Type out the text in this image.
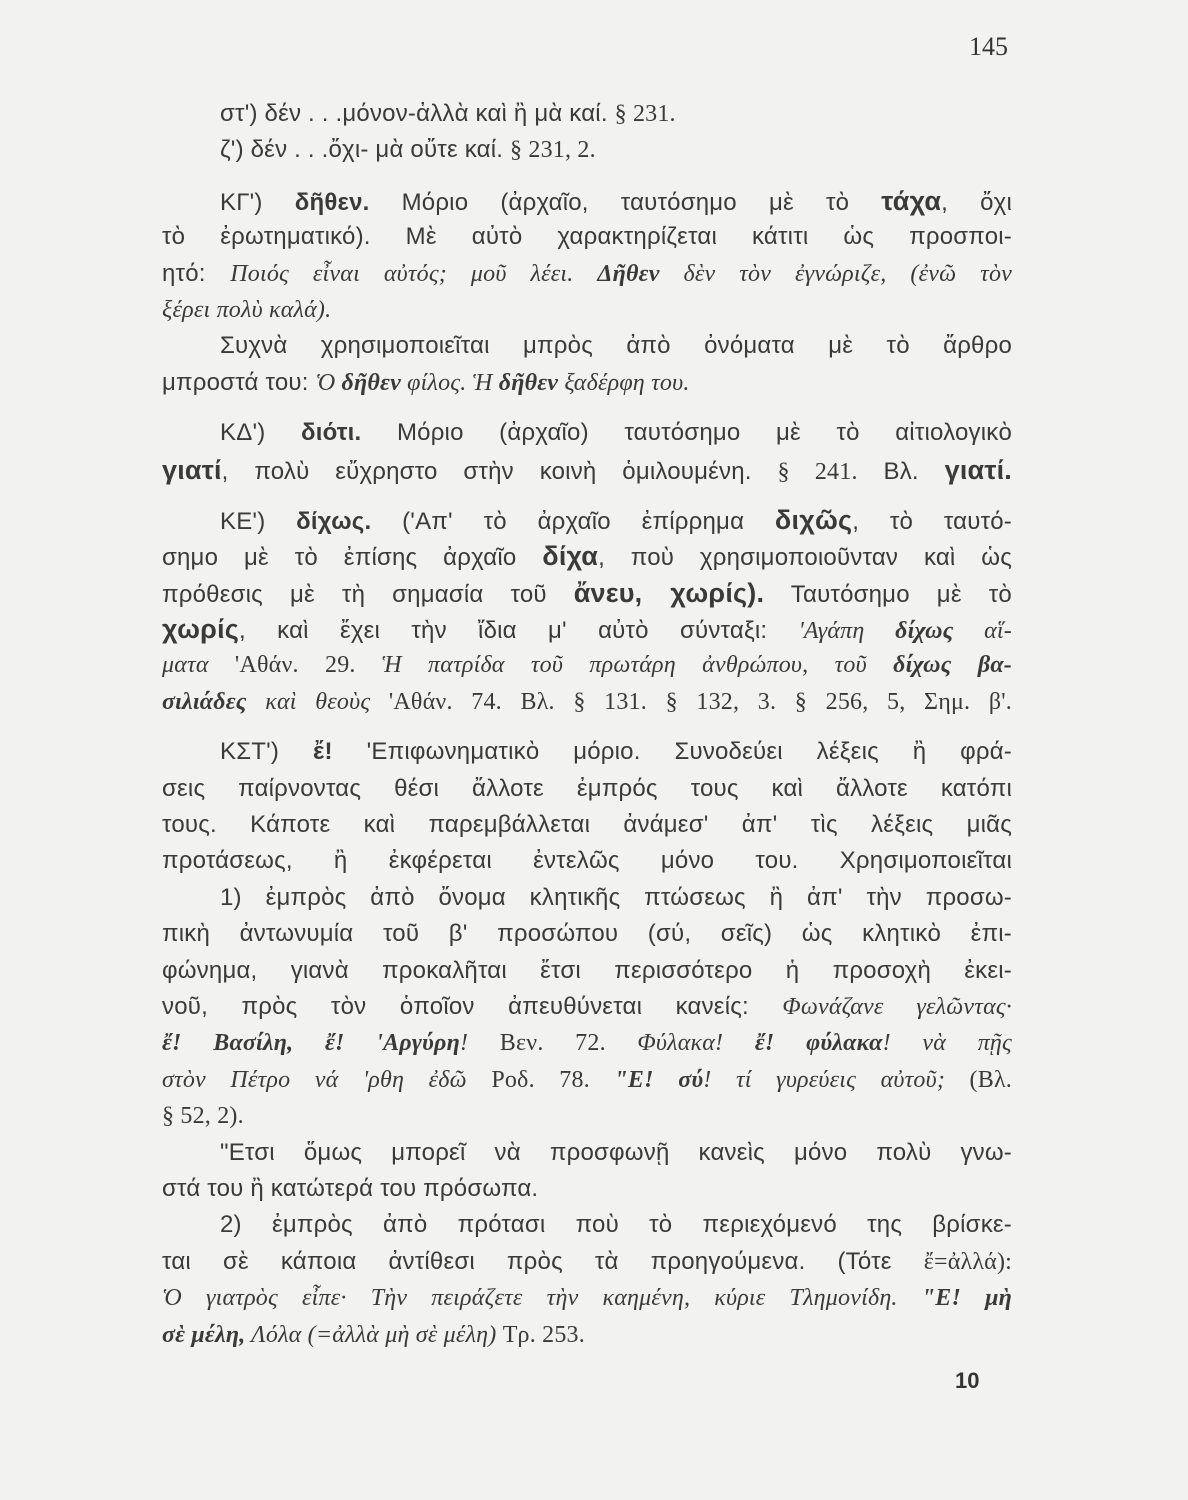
145
στ') δέν . . .μόνον-ἀλλὰ καὶ ἢ μὰ καί. § 231.
ζ') δέν . . .ὄχι- μὰ οὔτε καί. § 231, 2.
ΚΓ') δῆθεν. Μόριο (ἀρχαῖο, ταυτόσημο μὲ τὸ τάχα, ὄχι
τὸ ἐρωτηματικό). Μὲ αὐτὸ χαρακτηρίζεται κάτιτι ὡς προσποι-
ητό: Ποιός εἶναι αὐτός; μοῦ λέει. Δῆθεν δὲν τὸν ἐγνώριζε, (ἐνῶ τὸν
ξέρει πολὺ καλά).
Συχνὰ χρησιμοποιεῖται μπρὸς ἀπὸ ὀνόματα μὲ τὸ ἄρθρο
μπροστά του: Ὁ δῆθεν φίλος. Ἡ δῆθεν ξαδέρφη του.
ΚΔ') διότι. Μόριο (ἀρχαῖο) ταυτόσημο μὲ τὸ αἰτιολογικὸ
γιατί, πολὺ εὔχρηστο στὴν κοινὴ ὁμιλουμένη. § 241. Βλ. γιατί.
ΚΕ') δίχως. ('Απ' τὸ ἀρχαῖο ἐπίρρημα διχῶς, τὸ ταυτό-
σημο μὲ τὸ ἐπίσης ἀρχαῖο δίχα, ποὺ χρησιμοποιοῦνταν καὶ ὡς
πρόθεσις μὲ τὴ σημασία τοῦ ἄνευ, χωρίς). Ταυτόσημο μὲ τὸ
χωρίς, καὶ ἔχει τὴν ἴδια μ' αὐτὸ σύνταξι: 'Αγάπη δίχως αἵ-
ματα 'Αθάν. 29. Ἡ πατρίδα τοῦ πρωτάρη ἀνθρώπου, τοῦ δίχως βα-
σιλιάδες καὶ θεοὺς 'Αθάν. 74. Βλ. § 131. § 132, 3. § 256, 5, Σημ. β'.
ΚΣΤ') ἔ! 'Επιφωνηματικὸ μόριο. Συνοδεύει λέξεις ἢ φρά-
σεις παίρνοντας θέσι ἄλλοτε ἐμπρός τους καὶ ἄλλοτε κατόπι
τους. Κάποτε καὶ παρεμβάλλεται ἀνάμεσ' ἀπ' τὶς λέξεις μιᾶς
προτάσεως, ἢ ἐκφέρεται ἐντελῶς μόνο του. Χρησιμοποιεῖται
1) ἐμπρὸς ἀπὸ ὄνομα κλητικῆς πτώσεως ἢ ἀπ' τὴν προσω-
πικὴ ἀντωνυμία τοῦ β' προσώπου (σύ, σεῖς) ὡς κλητικὸ ἐπι-
φώνημα, γιανὰ προκαλῆται ἔτσι περισσότερο ἡ προσοχὴ ἐκει-
νοῦ, πρὸς τὸν ὁποῖον ἀπευθύνεται κανείς: Φωνάζανε γελῶντας·
ἔ! Βασίλη, ἔ! 'Αργύρη! Βεν. 72. Φύλακα! ἔ! φύλακα! νὰ πῇς
στὸν Πέτρο νά 'ρθη ἐδῶ Ροδ. 78. "Ε! σύ! τί γυρεύεις αὐτοῦ; (Βλ.
§ 52, 2).
"Ετσι ὅμως μπορεῖ νὰ προσφωνῇ κανεὶς μόνο πολὺ γνω-
στά του ἢ κατώτερά του πρόσωπα.
2) ἐμπρὸς ἀπὸ πρότασι ποὺ τὸ περιεχόμενό της βρίσκε-
ται σὲ κάποια ἀντίθεσι πρὸς τὰ προηγούμενα. (Τότε ἔ=ἀλλά):
Ὁ γιατρὸς εἶπε· Τὴν πειράζετε τὴν καημένη, κύριε Τλημονίδη. "Ε! μὴ
σὲ μέλη, Λόλα (=ἀλλὰ μὴ σὲ μέλη) Τρ. 253.
10
